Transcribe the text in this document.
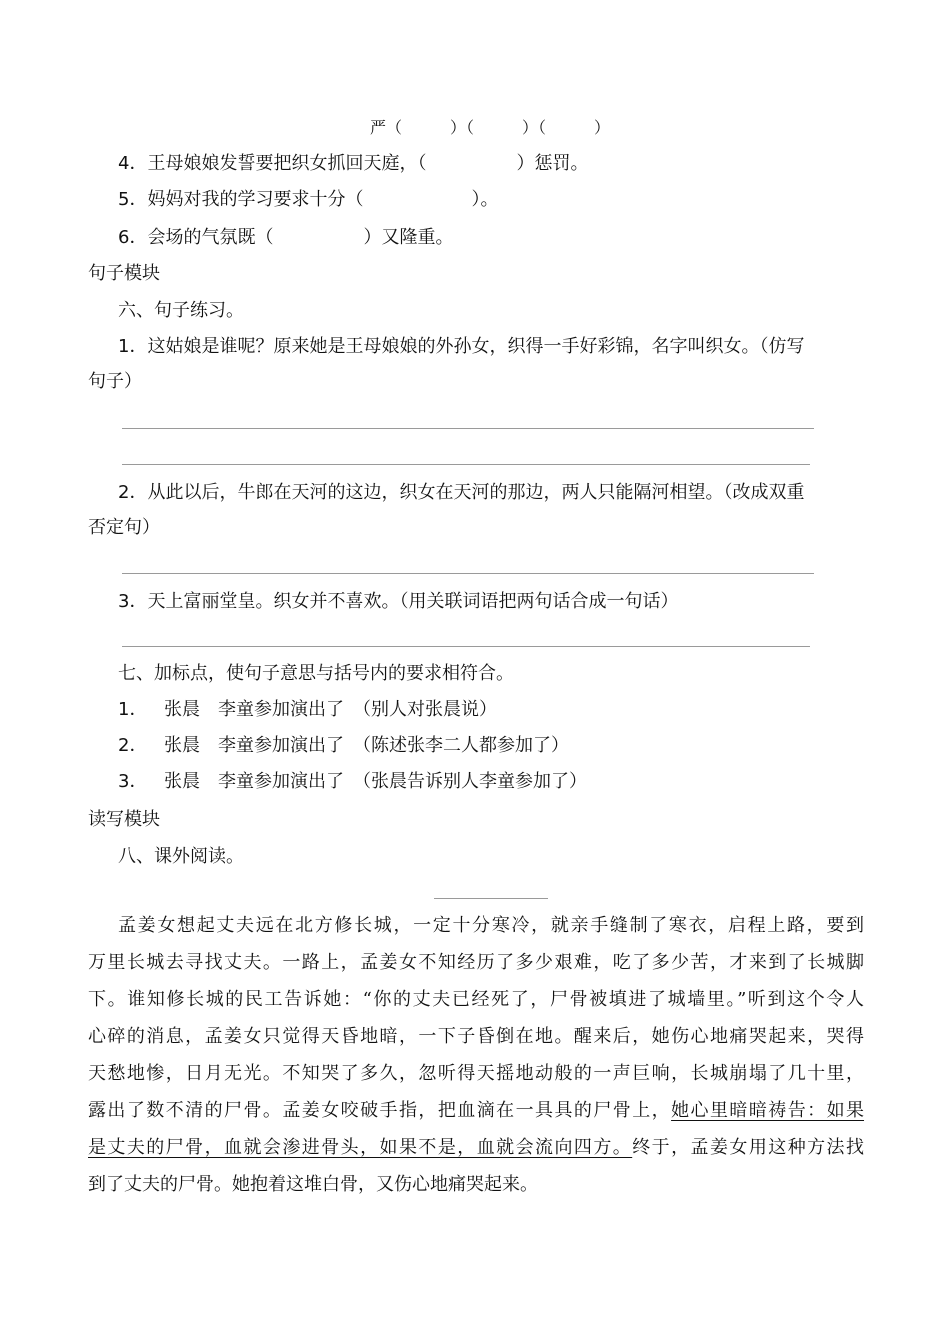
严（　　　）（　　　）（　　　）
4．王母娘娘发誓要把织女抓回天庭，（　　　　　）惩罚。
5．妈妈对我的学习要求十分（　　　　　　）。
6．会场的气氛既（　　　　　）又隆重。
句子模块
六、句子练习。
1．这姑娘是谁呢？原来她是王母娘娘的外孙女，织得一手好彩锦，名字叫织女。（仿写
句子）
2．从此以后，牛郎在天河的这边，织女在天河的那边，两人只能隔河相望。（改成双重
否定句）
3．天上富丽堂皇。织女并不喜欢。（用关联词语把两句话合成一句话）
七、加标点，使句子意思与括号内的要求相符合。
1． 张晨　李童参加演出了　（别人对张晨说）
2． 张晨　李童参加演出了　（陈述张李二人都参加了）
3． 张晨　李童参加演出了　（张晨告诉别人李童参加了）
读写模块
八、课外阅读。
孟姜女想起丈夫远在北方修长城，一定十分寒冷，就亲手缝制了寒衣，启程上路，要到
万里长城去寻找丈夫。一路上，孟姜女不知经历了多少艰难，吃了多少苦，才来到了长城脚
下。谁知修长城的民工告诉她：“你的丈夫已经死了，尸骨被填进了城墙里。”听到这个令人
心碎的消息，孟姜女只觉得天昏地暗，一下子昏倒在地。醒来后，她伤心地痛哭起来，哭得
天愁地惨，日月无光。不知哭了多久，忽听得天摇地动般的一声巨响，长城崩塌了几十里，
露出了数不清的尸骨。孟姜女咬破手指，把血滴在一具具的尸骨上，她心里暗暗祷告：如果
是丈夫的尸骨，血就会渗进骨头，如果不是，血就会流向四方。终于，孟姜女用这种方法找
到了丈夫的尸骨。她抱着这堆白骨，又伤心地痛哭起来。
